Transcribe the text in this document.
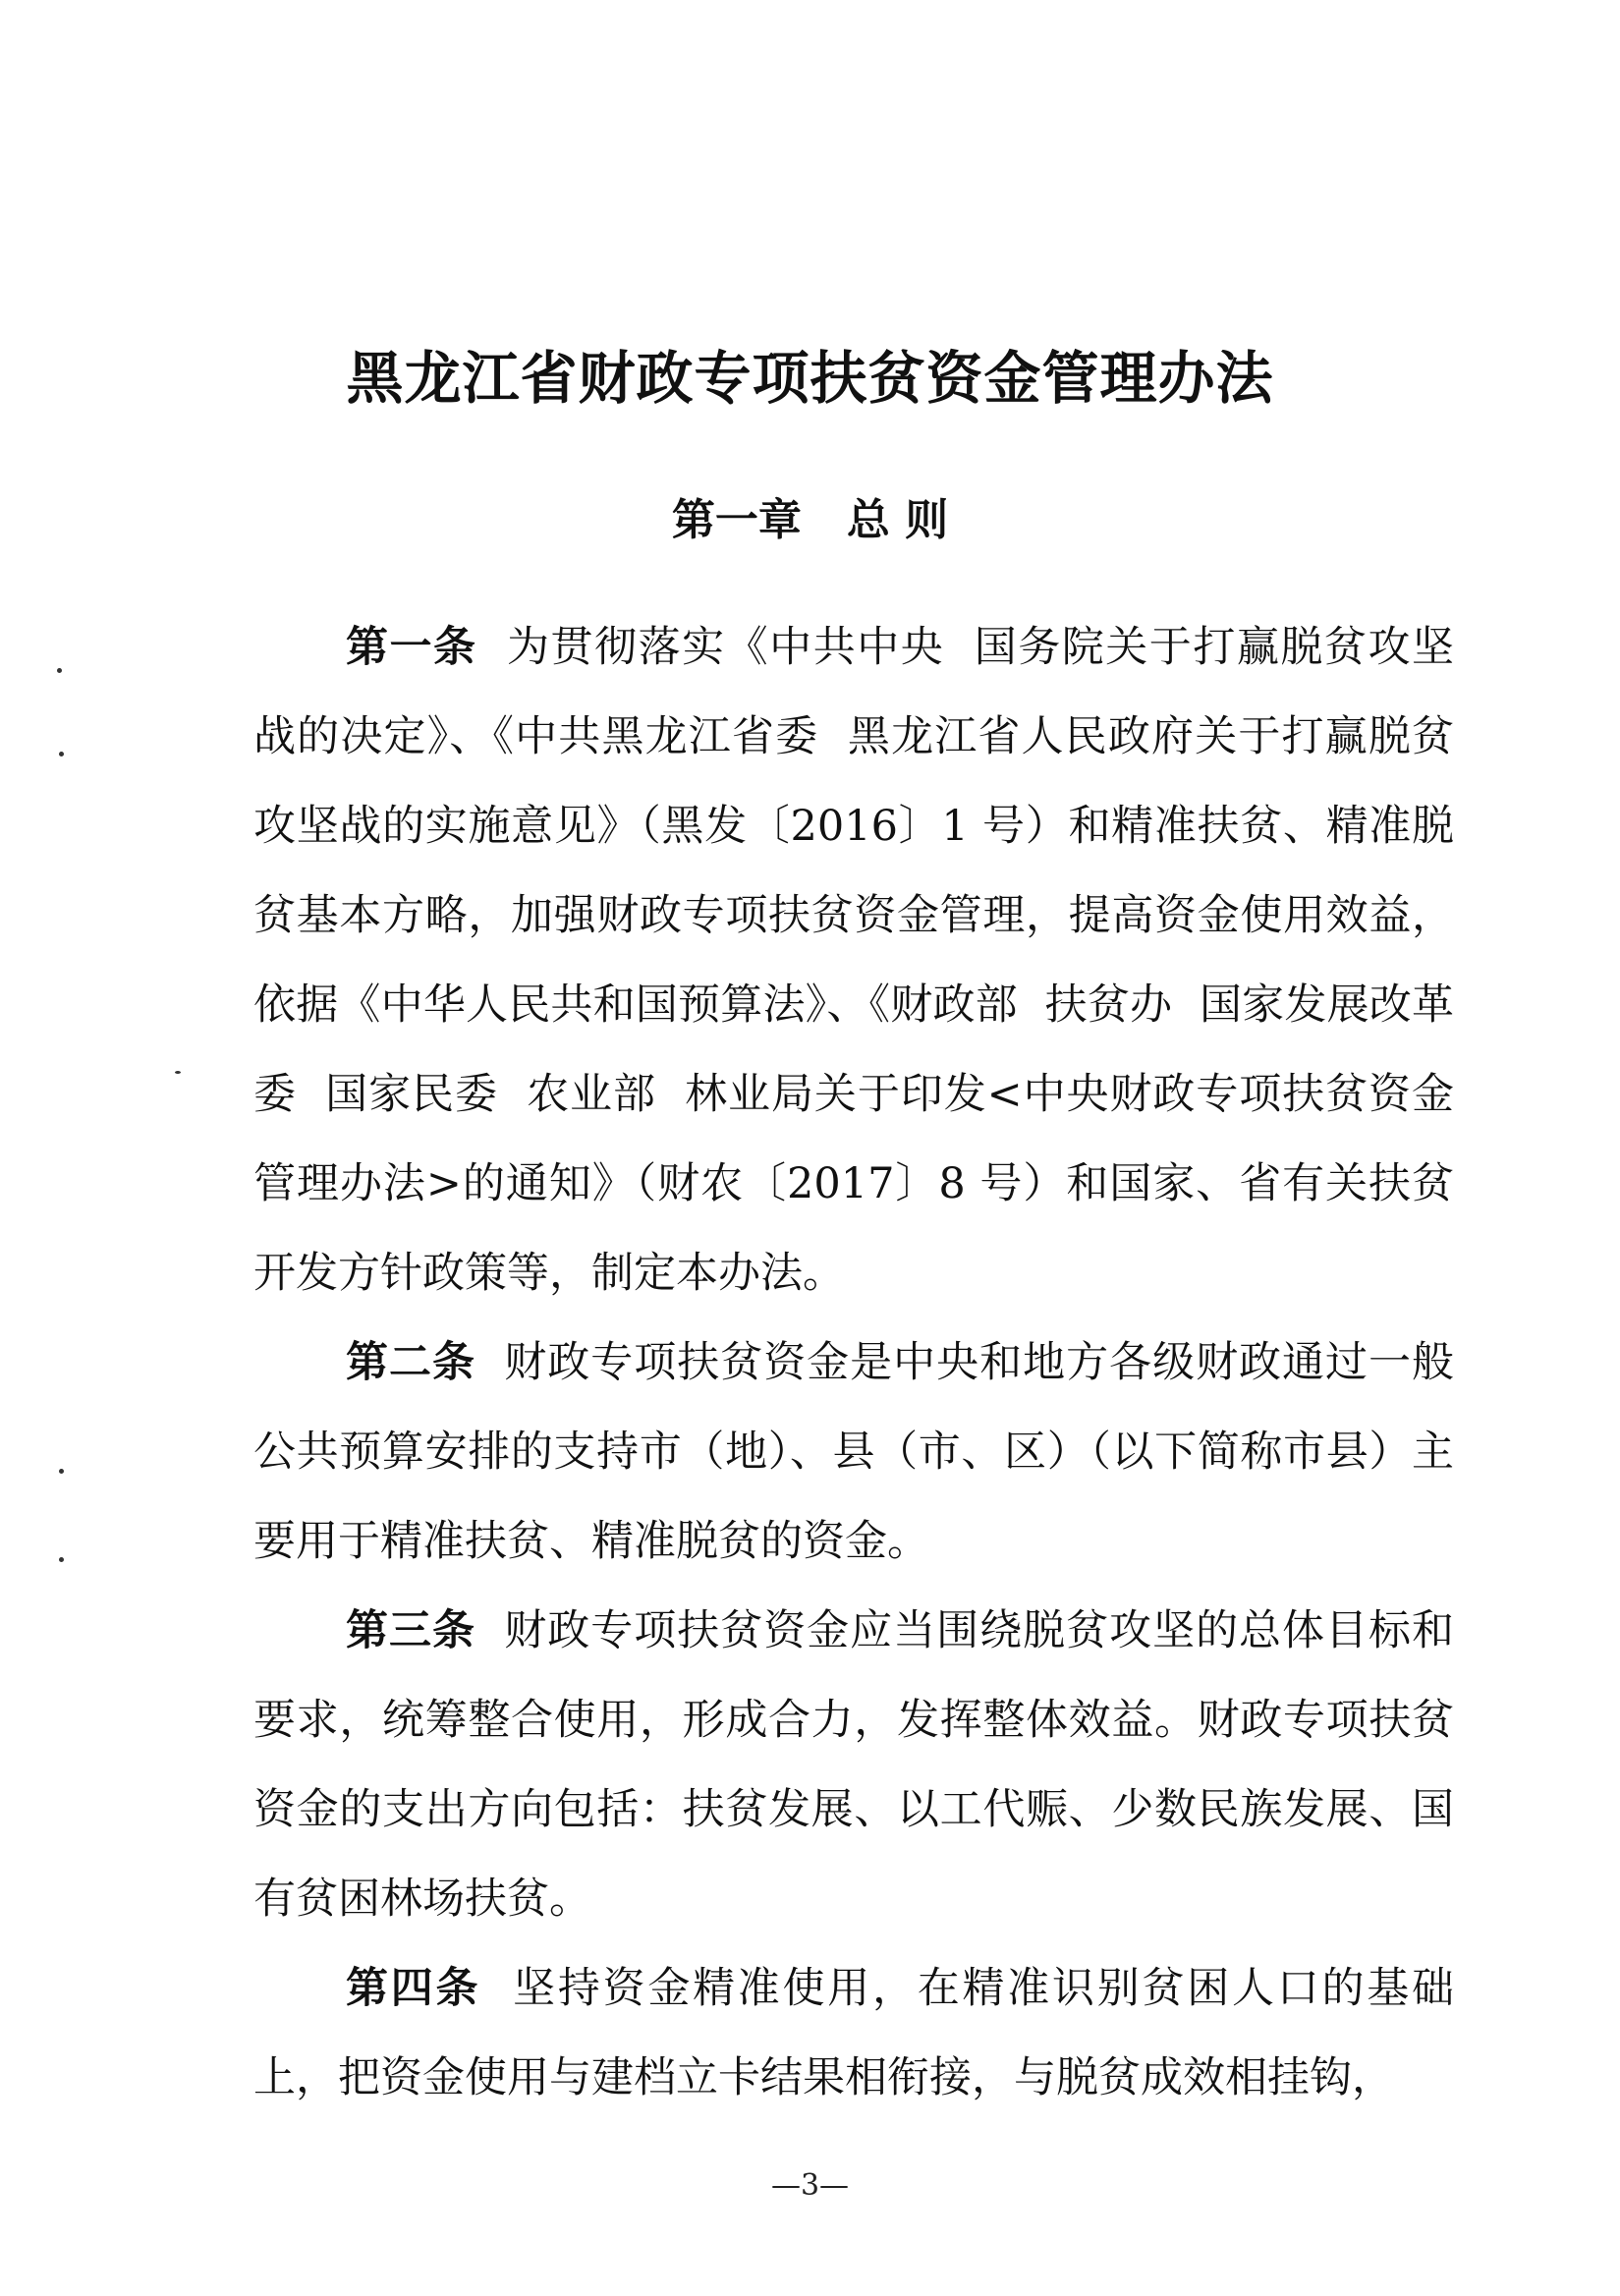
黑龙江省财政专项扶贫资金管理办法
第一章   总 则

第一条  为贯彻落实《中共中央  国务院关于打赢脱贫攻坚战的决定》、《中共黑龙江省委  黑龙江省人民政府关于打赢脱贫攻坚战的实施意见》（黑发〔2016〕1 号）和精准扶贫、精准脱贫基本方略，加强财政专项扶贫资金管理，提高资金使用效益，依据《中华人民共和国预算法》、《财政部  扶贫办  国家发展改革委  国家民委  农业部  林业局关于印发<中央财政专项扶贫资金管理办法>的通知》（财农〔2017〕8 号）和国家、省有关扶贫开发方针政策等，制定本办法。

第二条  财政专项扶贫资金是中央和地方各级财政通过一般公共预算安排的支持市（地）、县（市、区）（以下简称市县）主要用于精准扶贫、精准脱贫的资金。

第三条  财政专项扶贫资金应当围绕脱贫攻坚的总体目标和要求，统筹整合使用，形成合力，发挥整体效益。财政专项扶贫资金的支出方向包括：扶贫发展、以工代赈、少数民族发展、国有贫困林场扶贫。

第四条  坚持资金精准使用，在精准识别贫困人口的基础上，把资金使用与建档立卡结果相衔接，与脱贫成效相挂钩，

—3—
